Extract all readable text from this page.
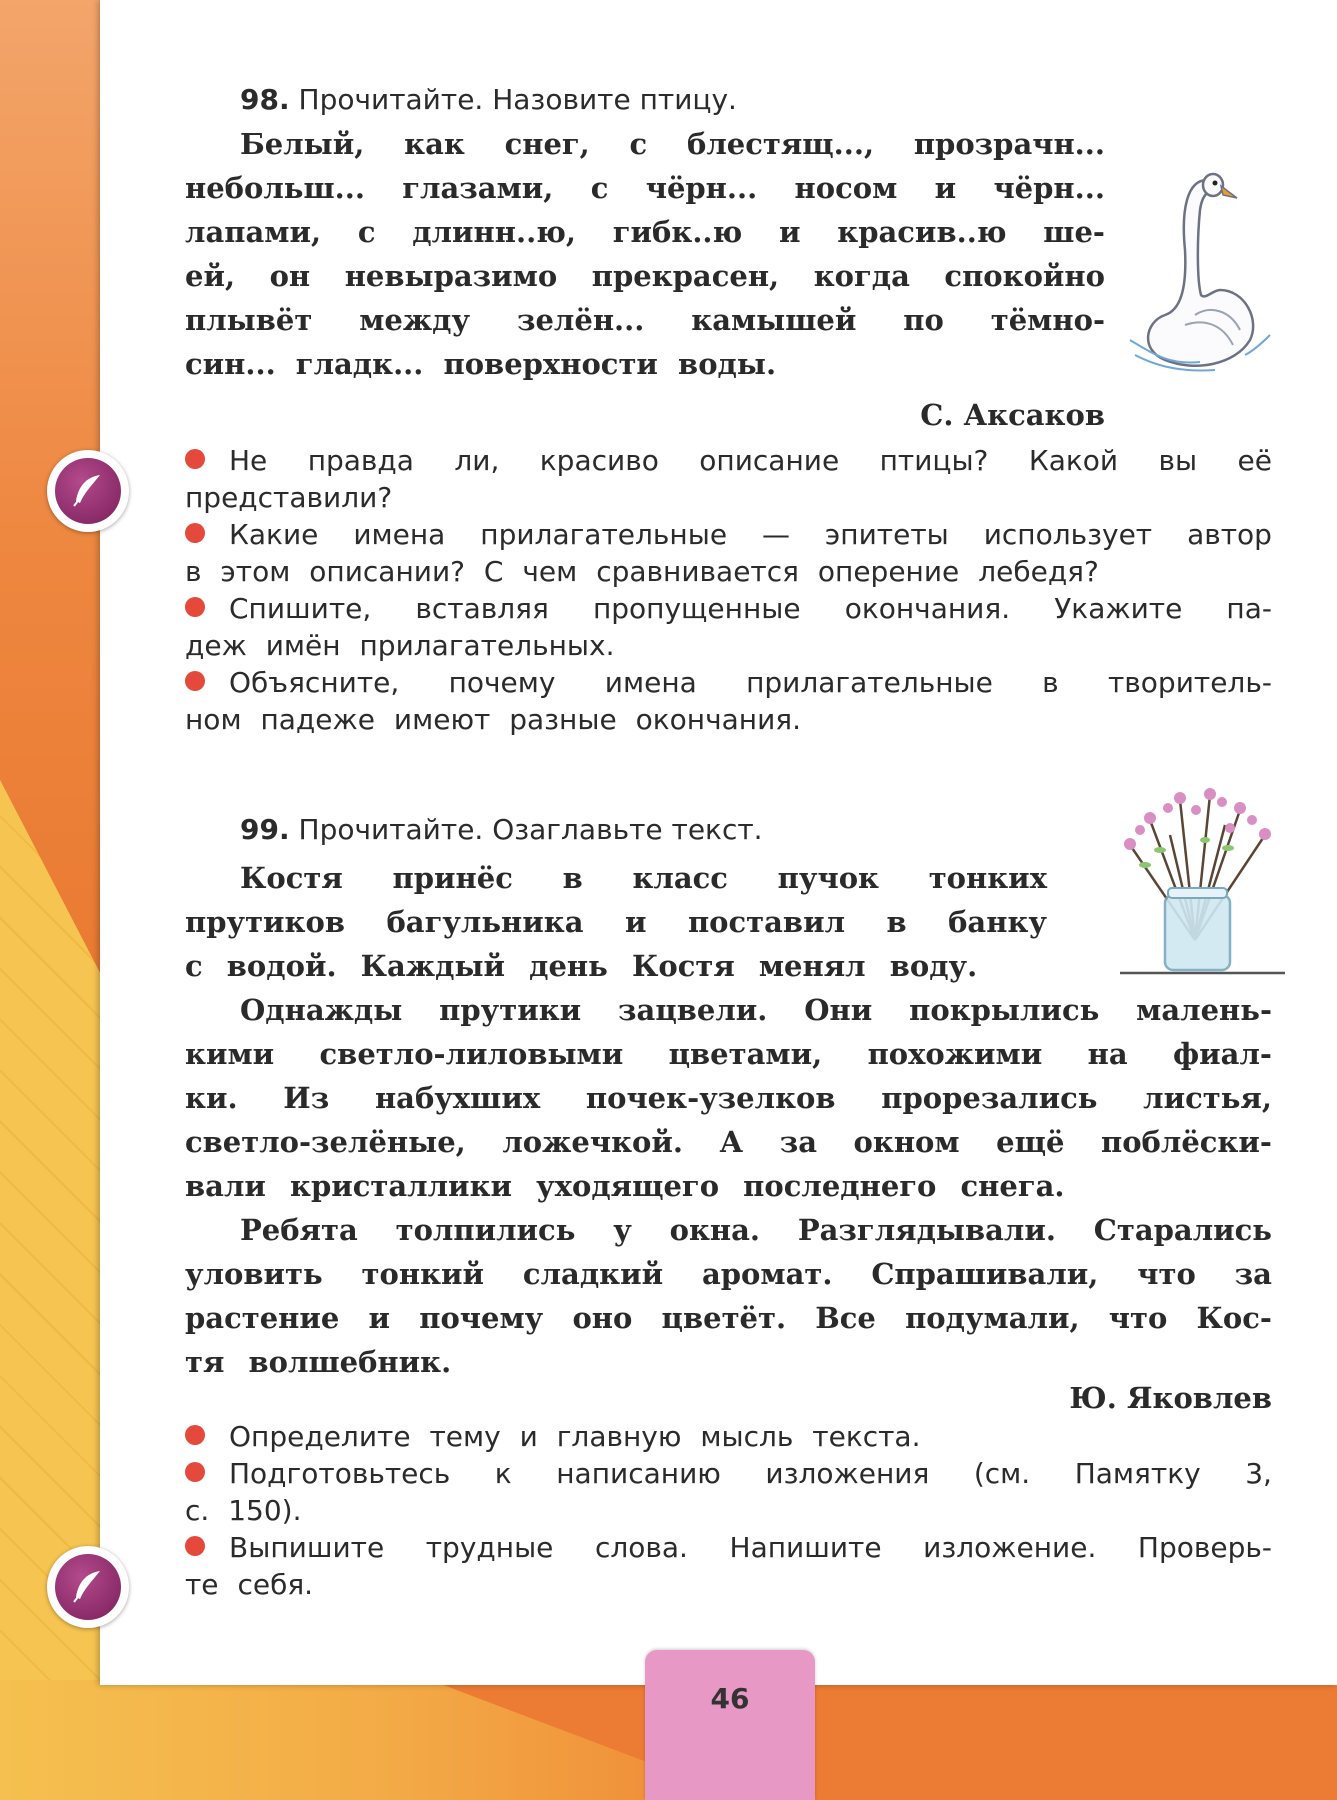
98. Прочитайте. Назовите птицу.
Белый, как снег, с блестящ..., прозрачн...
небольш... глазами, с чёрн... носом и чёрн...
лапами, с длинн..ю, гибк..ю и красив..ю ше-
ей, он невыразимо прекрасен, когда спокойно
плывёт между зелён... камышей по тёмно-
син... гладк... поверхности воды.
С. Аксаков
Не правда ли, красиво описание птицы? Какой вы её
представили?
Какие имена прилагательные — эпитеты использует автор
в этом описании? С чем сравнивается оперение лебедя?
Спишите, вставляя пропущенные окончания. Укажите па-
деж имён прилагательных.
Объясните, почему имена прилагательные в творитель-
ном падеже имеют разные окончания.
99. Прочитайте. Озаглавьте текст.
Костя принёс в класс пучок тонких
прутиков багульника и поставил в банку
с водой. Каждый день Костя менял воду.
Однажды прутики зацвели. Они покрылись малень-
кими светло-лиловыми цветами, похожими на фиал-
ки. Из набухших почек-узелков прорезались листья,
светло-зелёные, ложечкой. А за окном ещё поблёски-
вали кристаллики уходящего последнего снега.
Ребята толпились у окна. Разглядывали. Старались
уловить тонкий сладкий аромат. Спрашивали, что за
растение и почему оно цветёт. Все подумали, что Кос-
тя волшебник.
Ю. Яковлев
Определите тему и главную мысль текста.
Подготовьтесь к написанию изложения (см. Памятку 3,
с. 150).
Выпишите трудные слова. Напишите изложение. Проверь-
те себя.
46
